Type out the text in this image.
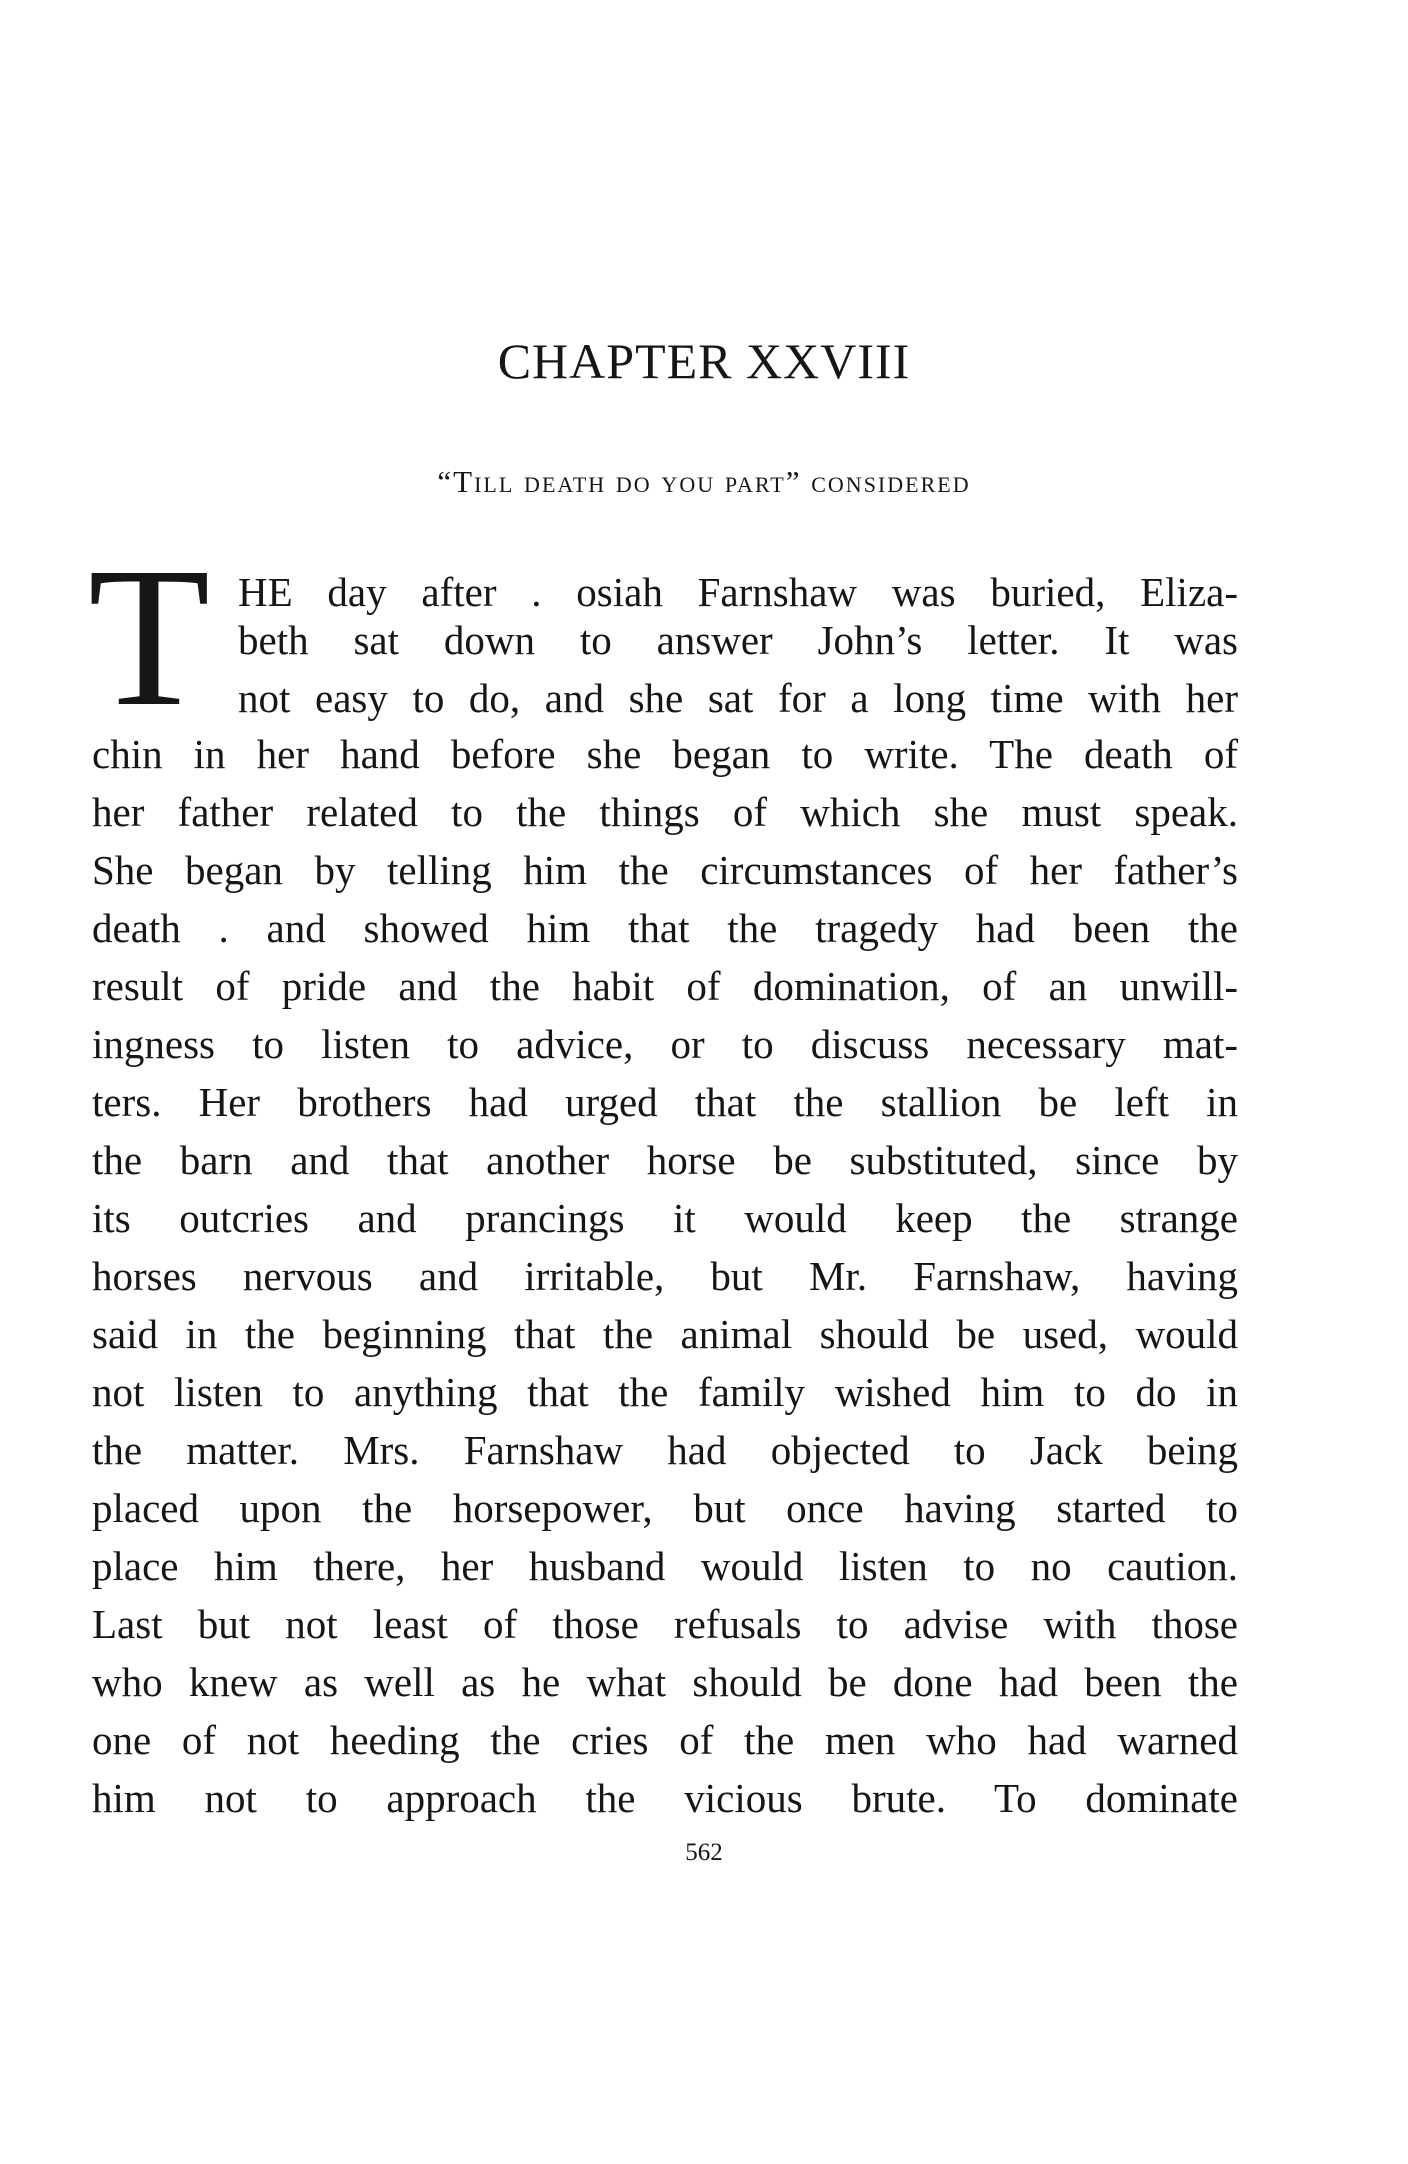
CHAPTER XXVIII
“Till death do you part” considered
T HE day after . osiah Farnshaw was buried, Eliza-
beth sat down to answer John’s letter. It was
not easy to do, and she sat for a long time with her
chin in her hand before she began to write. The death of
her father related to the things of which she must speak.
She began by telling him the circumstances of her father’s
death . and showed him that the tragedy had been the
result of pride and the habit of domination, of an unwill-
ingness to listen to advice, or to discuss necessary mat-
ters. Her brothers had urged that the stallion be left in
the barn and that another horse be substituted, since by
its outcries and prancings it would keep the strange
horses nervous and irritable, but Mr. Farnshaw, having
said in the beginning that the animal should be used, would
not listen to anything that the family wished him to do in
the matter. Mrs. Farnshaw had objected to Jack being
placed upon the horsepower, but once having started to
place him there, her husband would listen to no caution.
Last but not least of those refusals to advise with those
who knew as well as he what should be done had been the
one of not heeding the cries of the men who had warned
him not to approach the vicious brute. To dominate
562
